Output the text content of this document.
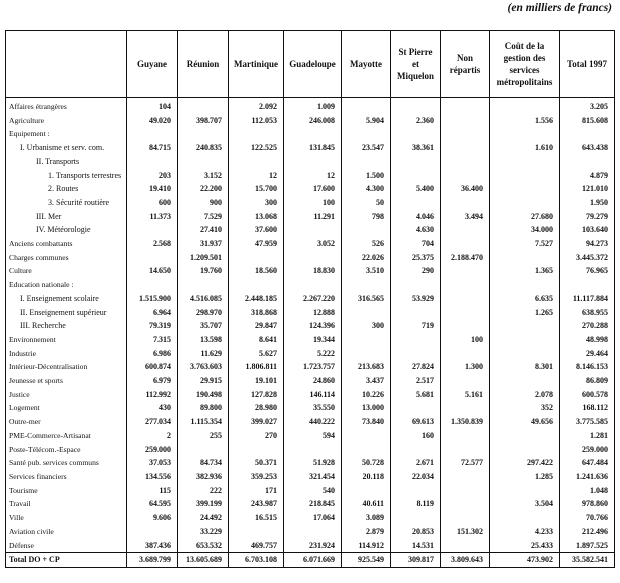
(en milliers de francs)
	Guyane	Réunion	Martinique	Guadeloupe	Mayotte	St Pierre et Miquelon	Non répartis	Coût de la gestion des services métropolitains	Total 1997
Affaires étrangères	104		2.092	1.009					3.205
Agriculture	49.020	398.707	112.053	246.008	5.904	2.360		1.556	815.608
Equipement :									
I. Urbanisme et serv. com.	84.715	240.835	122.525	131.845	23.547	38.361		1.610	643.438
II. Transports									
1. Transports terrestres	203	3.152	12	12	1.500				4.879
2. Routes	19.410	22.200	15.700	17.600	4.300	5.400	36.400		121.010
3. Sécurité routière	600	900	300	100	50				1.950
III. Mer	11.373	7.529	13.068	11.291	798	4.046	3.494	27.680	79.279
IV. Météorologie		27.410	37.600			4.630		34.000	103.640
Anciens combattants	2.568	31.937	47.959	3.052	526	704		7.527	94.273
Charges communes		1.209.501			22.026	25.375	2.188.470		3.445.372
Culture	14.650	19.760	18.560	18.830	3.510	290		1.365	76.965
Education nationale :									
I. Enseignement scolaire	1.515.900	4.516.085	2.448.185	2.267.220	316.565	53.929		6.635	11.117.884
II. Enseignement supérieur	6.964	298.970	318.868	12.888				1.265	638.955
III. Recherche	79.319	35.707	29.847	124.396	300	719			270.288
Environnement	7.315	13.598	8.641	19.344			100		48.998
Industrie	6.986	11.629	5.627	5.222					29.464
Intérieur-Décentralisation	600.874	3.763.603	1.806.811	1.723.757	213.683	27.824	1.300	8.301	8.146.153
Jeunesse et sports	6.979	29.915	19.101	24.860	3.437	2.517			86.809
Justice	112.992	190.498	127.828	146.114	10.226	5.681	5.161	2.078	600.578
Logement	430	89.800	28.980	35.550	13.000			352	168.112
Outre-mer	277.034	1.115.354	399.027	440.222	73.840	69.613	1.350.839	49.656	3.775.585
PME-Commerce-Artisanat	2	255	270	594		160			1.281
Poste-Télécom.-Espace	259.000								259.000
Santé pub. services communs	37.053	84.734	50.371	51.928	50.728	2.671	72.577	297.422	647.484
Services financiers	134.556	382.936	359.253	321.454	20.118	22.034		1.285	1.241.636
Tourisme	115	222	171	540					1.048
Travail	64.595	399.199	243.987	218.845	40.611	8.119		3.504	978.860
Ville	9.606	24.492	16.515	17.064	3.089				70.766
Aviation civile		33.229			2.879	20.853	151.302	4.233	212.496
Défense	387.436	653.532	469.757	231.924	114.912	14.531		25.433	1.897.525
Total DO + CP	3.689.799	13.605.689	6.703.108	6.071.669	925.549	309.817	3.809.643	473.902	35.582.541
